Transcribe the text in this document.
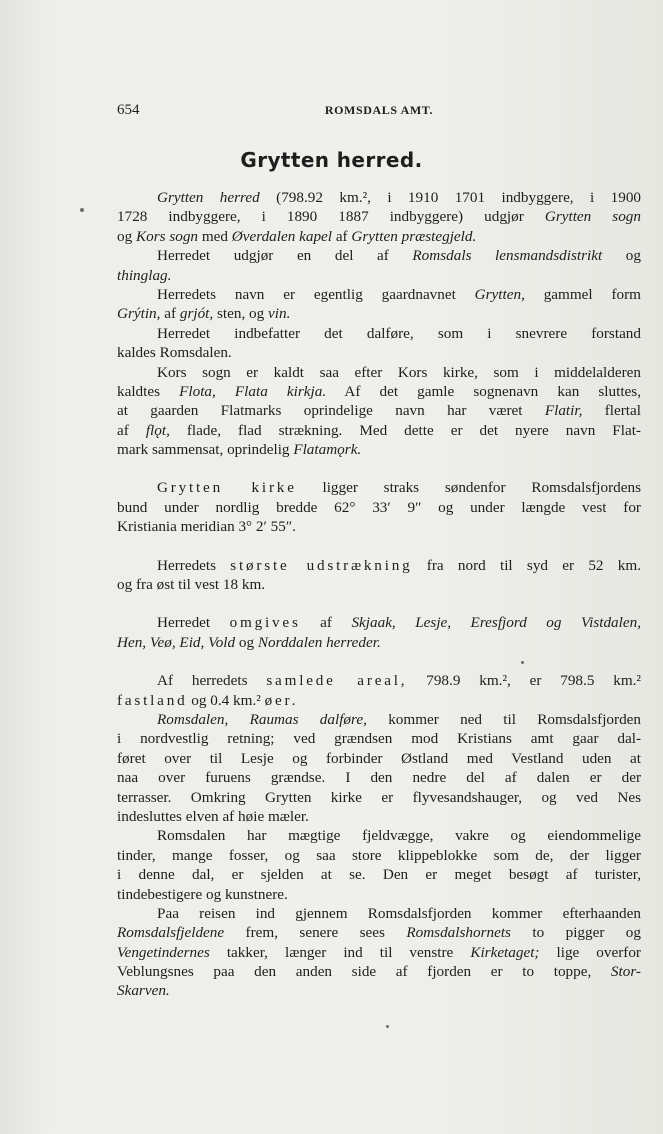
654	ROMSDALS AMT.
Grytten herred.
Grytten herred (798.92 km.², i 1910 1701 indbyggere, i 1900
1728 indbyggere, i 1890 1887 indbyggere) udgjør Grytten sogn
og Kors sogn med Øverdalen kapel af Grytten præstegjeld.
Herredet udgjør en del af Romsdals lensmandsdistrikt og
thinglag.
Herredets navn er egentlig gaardnavnet Grytten, gammel form
Grýtin, af grjót, sten, og vin.
Herredet indbefatter det dalføre, som i snevrere forstand
kaldes Romsdalen.
Kors sogn er kaldt saa efter Kors kirke, som i middelalderen
kaldtes Flota, Flata kirkja. Af det gamle sognenavn kan sluttes,
at gaarden Flatmarks oprindelige navn har været Flatir, flertal
af flǫt, flade, flad strækning. Med dette er det nyere navn Flat-
mark sammensat, oprindelig Flatamǫrk.
Grytten kirke ligger straks søndenfor Romsdalsfjordens
bund under nordlig bredde 62° 33′ 9″ og under længde vest for
Kristiania meridian 3° 2′ 55″.
Herredets største udstrækning fra nord til syd er 52 km.
og fra øst til vest 18 km.
Herredet omgives af Skjaak, Lesje, Eresfjord og Vistdalen,
Hen, Veø, Eid, Vold og Norddalen herreder.
Af herredets samlede areal, 798.9 km.², er 798.5 km.²
fastland og 0.4 km.² øer.
Romsdalen, Raumas dalføre, kommer ned til Romsdalsfjorden
i nordvestlig retning; ved grændsen mod Kristians amt gaar dal-
føret over til Lesje og forbinder Østland med Vestland uden at
naa over furuens grændse. I den nedre del af dalen er der
terrasser. Omkring Grytten kirke er flyvesandshauger, og ved Nes
indesluttes elven af høie mæler.
Romsdalen har mægtige fjeldvægge, vakre og eiendommelige
tinder, mange fosser, og saa store klippeblokke som de, der ligger
i denne dal, er sjelden at se. Den er meget besøgt af turister,
tindebestigere og kunstnere.
Paa reisen ind gjennem Romsdalsfjorden kommer efterhaanden
Romsdalsfjeldene frem, senere sees Romsdalshornets to pigger og
Vengetindernes takker, længer ind til venstre Kirketaget; lige overfor
Veblungsnes paa den anden side af fjorden er to toppe, Stor-
Skarven.
